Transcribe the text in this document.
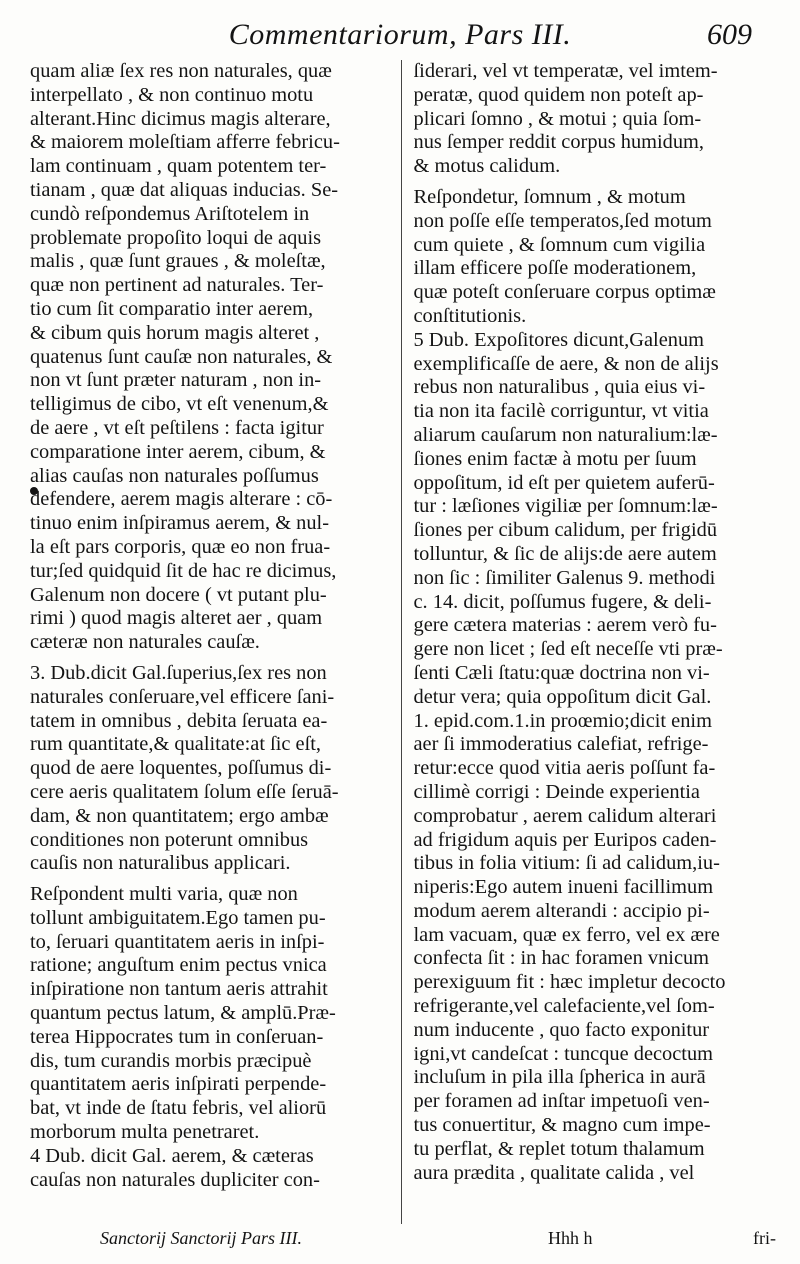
Commentariorum, Pars III.	609
quam aliæ ſex res non naturales, quæ
interpellato , & non continuo motu
alterant.Hinc dicimus magis alterare,
& maiorem moleſtiam afferre febricu-
lam continuam , quam potentem ter-
tianam , quæ dat aliquas inducias. Se-
cundò reſpondemus Ariſtotelem in
problemate propoſito loqui de aquis
malis , quæ ſunt graues , & moleſtæ,
quæ non pertinent ad naturales. Ter-
tio cum ſit comparatio inter aerem,
& cibum quis horum magis alteret ,
quatenus ſunt cauſæ non naturales, &
non vt ſunt præter naturam , non in-
telligimus de cibo, vt eſt venenum,&
de aere , vt eſt peſtilens : facta igitur
comparatione inter aerem, cibum, &
alias cauſas non naturales poſſumus
defendere, aerem magis alterare : cō-
tinuo enim inſpiramus aerem, & nul-
la eſt pars corporis, quæ eo non frua-
tur;ſed quidquid ſit de hac re dicimus,
Galenum non docere ( vt putant plu-
rimi ) quod magis alteret aer , quam
cæteræ non naturales cauſæ.
3. Dub.dicit Gal.ſuperius,ſex res non
naturales conſeruare,vel efficere ſani-
tatem in omnibus , debita ſeruata ea-
rum quantitate,& qualitate:at ſic eſt,
quod de aere loquentes, poſſumus di-
cere aeris qualitatem ſolum eſſe ſeruā-
dam, & non quantitatem; ergo ambæ
conditiones non poterunt omnibus
cauſis non naturalibus applicari.
Reſpondent multi varia, quæ non
tollunt ambiguitatem.Ego tamen pu-
to, ſeruari quantitatem aeris in inſpi-
ratione; anguſtum enim pectus vnica
inſpiratione non tantum aeris attrahit
quantum pectus latum, & amplū.Præ-
terea Hippocrates tum in conſeruan-
dis, tum curandis morbis præcipuè
quantitatem aeris inſpirati perpende-
bat, vt inde de ſtatu febris, vel aliorū
morborum multa penetraret.
4 Dub. dicit Gal. aerem, & cæteras
cauſas non naturales dupliciter con-
ſiderari, vel vt temperatæ, vel imtem-
peratæ, quod quidem non poteſt ap-
plicari ſomno , & motui ; quia ſom-
nus ſemper reddit corpus humidum,
& motus calidum.
Reſpondetur, ſomnum , & motum
non poſſe eſſe temperatos,ſed motum
cum quiete , & ſomnum cum vigilia
illam efficere poſſe moderationem,
quæ poteſt conſeruare corpus optimæ
conſtitutionis.
5 Dub. Expoſitores dicunt,Galenum
exemplificaſſe de aere, & non de alijs
rebus non naturalibus , quia eius vi-
tia non ita facilè corriguntur, vt vitia
aliarum cauſarum non naturalium:læ-
ſiones enim factæ à motu per ſuum
oppoſitum, id eſt per quietem auferū-
tur : læſiones vigiliæ per ſomnum:læ-
ſiones per cibum calidum, per frigidū
tolluntur, & ſic de alijs:de aere autem
non ſic : ſimiliter Galenus 9. methodi
c. 14. dicit, poſſumus fugere, & deli-
gere cætera materias : aerem verò fu-
gere non licet ; ſed eſt neceſſe vti præ-
ſenti Cæli ſtatu:quæ doctrina non vi-
detur vera; quia oppoſitum dicit Gal.
1. epid.com.1.in proœmio;dicit enim
aer ſi immoderatius calefiat, refrige-
retur:ecce quod vitia aeris poſſunt fa-
cillimè corrigi : Deinde experientia
comprobatur , aerem calidum alterari
ad frigidum aquis per Euripos caden-
tibus in folia vitium: ſi ad calidum,iu-
niperis:Ego autem inueni facillimum
modum aerem alterandi : accipio pi-
lam vacuam, quæ ex ferro, vel ex ære
confecta ſit : in hac foramen vnicum
perexiguum fit : hæc impletur decocto
refrigerante,vel calefaciente,vel ſom-
num inducente , quo facto exponitur
igni,vt candeſcat : tuncque decoctum
incluſum in pila illa ſpherica in aurā
per foramen ad inſtar impetuoſi ven-
tus conuertitur, & magno cum impe-
tu perflat, & replet totum thalamum
aura prædita , qualitate calida , vel
Sanctorij Sanctorij Pars III.	Hhh h	fri-
